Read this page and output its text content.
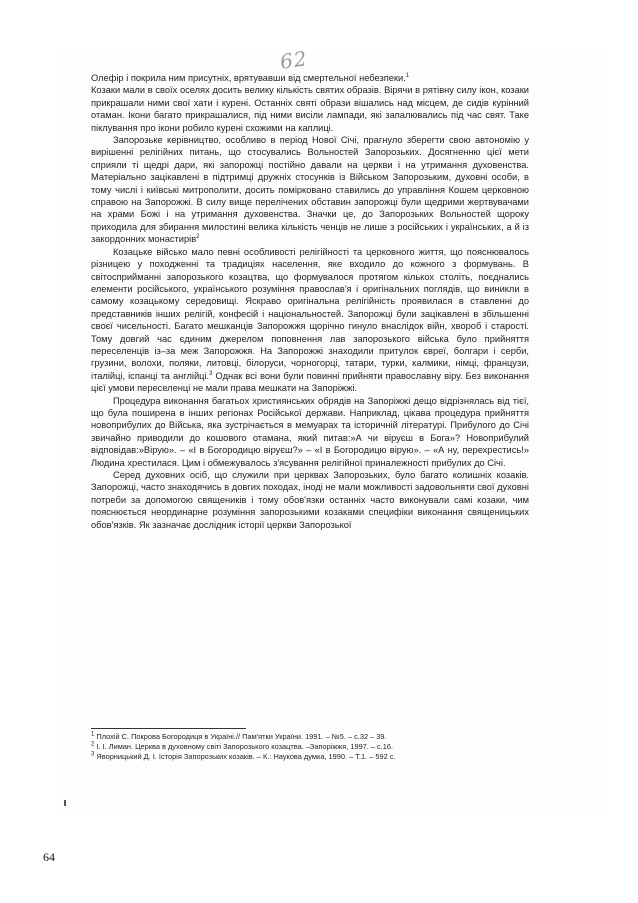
62

Олефір і покрила ним присутніх, врятувавши від смертельної небезпеки.$^1$

Козаки мали в своїх оселях досить велику кількість святих образів. Вірячи в рятівну силу ікон, козаки прикрашали ними свої хати і курені. Останніх святі образи вішались над місцем, де сидів курінний отаман. Ікони багато прикрашалися, під ними висіли лампади, які запалювались під час свят. Таке піклування про ікони робило курені схожими на каплиці.

Запорозьке керівництво, особливо в період Нової Січі, прагнуло зберегти свою автономію у вирішенні релігійних питань, що стосувались Вольностей Запорозьких. Досягненню цієї мети сприяли ті щедрі дари, які запорожці постійно давали на церкви і на утримання духовенства. Матеріально зацікавлені в підтримці дружніх стосунків із Військом Запорозьким, духовні особи, в тому числі і київські митрополити, досить поміркованo ставились до управління Кошем церковною справою на Запорожжі. В силу вище перелічених обставин запорожці були щедрими жертвувачами на храми Божі і на утримання духовенства. Значки це, до Запорозьких Вольностей щороку приходила для збирання милостині велика кількість ченців не лише з російських і українських, а й із закордонних монастирів$^2$

Козацьке військо мало певні особливості релігійності та церковного життя, що пояснювалось різницею у походженні та традиціях населення, яке входило до кожного з формувань. В світосприйманні запорозького козацтва, що формувалося протягом кількох століть, поєднались елементи російського, українського розуміння православ'я і оригінальних поглядів, що виникли в самому козацькому середовищі. Яскраво оригінальна релігійність проявилася в ставленні до представників інших релігій, конфесій і національностей. Запорожці були зацікавлені в збільшенні своєї чисельності. Багато мешканців Запорожжя щорічно гинуло внаслідок війн, хвороб і старості. Тому довгий час єдиним джерелом поповнення лав запорозького війська було прийняття переселенців із–за меж Запорожжя. На Запорожжі знаходили притулок євреї, болгари і серби, грузини, волохи, поляки, литовці, білоруси, чорногорці, татари, турки, калмики, німці, французи, італійці, іспанці та англійці.$^3$ Однак всі вони були повинні прийняти православну віру. Без виконання цієї умови переселенці не мали права мешкати на Запоріжжі.

Процедура виконання багатьох християнських обрядів на Запоріжжі дещо відрізнялась від тієї, що була поширена в інших регіонах Російської держави. Наприклад, цікава процедура прийняття новоприбулих до Війська, яка зустрічається в мемуарах та історичній літературі. Прибулого до Січі звичайно приводили до кошового отамана, який питав:»А чи віруєш в Бога»? Новоприбулий відповідав:»Вірую». – «І в Богородицю віруєш?» – «І в Богородицю вірую». – «А ну, перехрестись!» Людина хрестилася. Цим і обмежувалось з'ясування релігійної приналежності прибулих до Січі.

Серед духовних осіб, що служили при церквах Запорозьких, було багато колишніх козаків. Запорожці, часто знаходячись в довгих походах, іноді не мали можливості задовольняти свої духовні потреби за допомогою священиків і тому обов'язки останніх часто виконували самі козаки, чим пояснюється неординарне розуміння запорозькими козаками специфіки виконання священицьких обов'язків. Як зазначає дослідник історії церкви Запорозької

$^1$ Плохій С. Покрова Богородиця в Україні.// Пам'ятки України. 1991. – №5. – с.32 – 39.

$^2$ І. І. Лиман. Церква в духовному світі Запорозького козацтва. –Запоріжжя, 1997. – с.16.

$^3$ Яворницький Д. І. Історія Запорозьких козаків. – К.: Наукова думка, 1990. – Т.1. – 592 с.

64
